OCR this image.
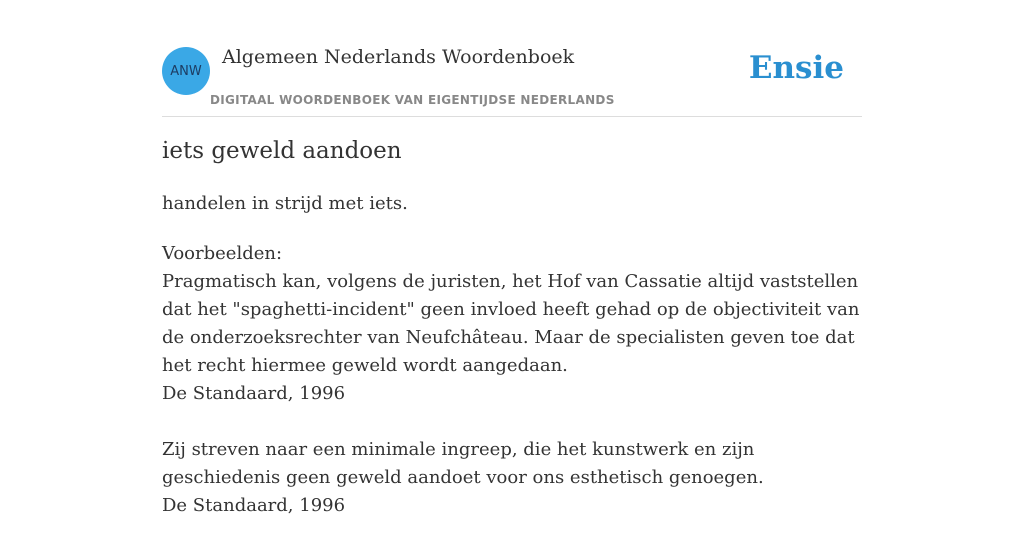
ANW
Algemeen Nederlands Woordenboek
DIGITAAL WOORDENBOEK VAN EIGENTIJDSE NEDERLANDS
Ensie
iets geweld aandoen
handelen in strijd met iets.

Voorbeelden:

Pragmatisch kan, volgens de juristen, het Hof van Cassatie altijd vaststellen dat het "spaghetti-incident" geen invloed heeft gehad op de objectiviteit van de onderzoeksrechter van Neufchâteau. Maar de specialisten geven toe dat het recht hiermee geweld wordt aangedaan.
De Standaard, 1996
Zij streven naar een minimale ingreep, die het kunstwerk en zijn geschiedenis geen geweld aandoet voor ons esthetisch genoegen.
De Standaard, 1996
